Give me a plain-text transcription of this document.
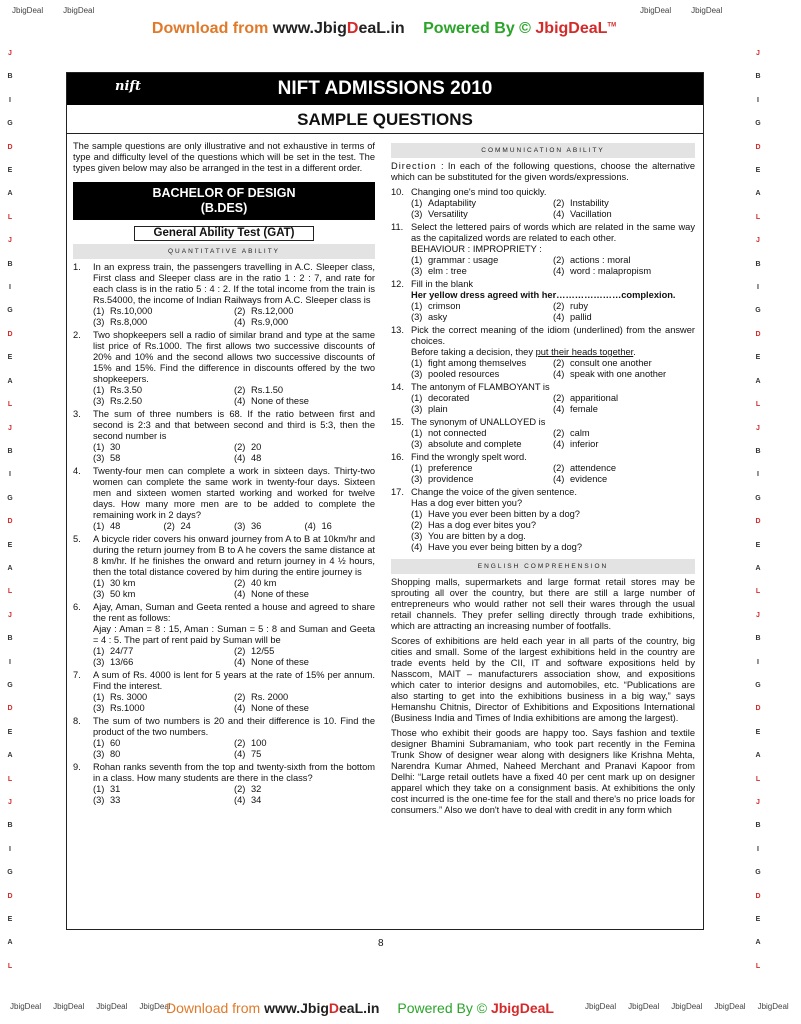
JbigDeal	JbigDeal	JbigDeal	JbigDeal
Download from www.JbigDeaL.in Powered By © JbigDeaL™
J
B
I
G
D
E
A
L
J
B
I
G
D
E
A
L
J
B
I
G
D
E
A
L
J
B
I
G
D
E
A
L
J
B
I
G
D
E
A
L
J
B
I
G
D
E
A
L
J
B
I
G
D
E
A
L
J
B
I
G
D
E
A
L
J
B
I
G
D
E
A
L
J
B
I
G
D
E
A
L
nift	NIFT ADMISSIONS 2010
SAMPLE QUESTIONS
The sample questions are only illustrative and not exhaustive in terms of type and difficulty level of the questions which will be set in the test. The types given below may also be arranged in the test in a different order.
BACHELOR OF DESIGN
(B.DES)
General Ability Test (GAT)
QUANTITATIVE ABILITY
1.	In an express train, the passengers travelling in A.C. Sleeper class, First class and Sleeper class are in the ratio 1 : 2 : 7, and rate for each class is in the ratio 5 : 4 : 2. If the total income from the train is Rs.54000, the income of Indian Railways from A.C. Sleeper class is
(1) Rs.10,000	(2) Rs.12,000
(3) Rs.8,000	(4) Rs.9,000
2.	Two shopkeepers sell a radio of similar brand and type at the same list price of Rs.1000. The first allows two successive discounts of 20% and 10% and the second allows two successive discounts of 15% and 15%. Find the difference in discounts offered by the two shopkeepers.
(1) Rs.3.50	(2) Rs.1.50
(3) Rs.2.50	(4) None of these
3.	The sum of three numbers is 68. If the ratio between first and second is 2:3 and that between second and third is 5:3, then the second number is
(1) 30	(2) 20
(3) 58	(4) 48
4.	Twenty-four men can complete a work in sixteen days. Thirty-two women can complete the same work in twenty-four days. Sixteen men and sixteen women started working and worked for twelve days. How many more men are to be added to complete the remaining work in 2 days?
(1) 48	(2) 24	(3) 36	(4) 16
5.	A bicycle rider covers his onward journey from A to B at 10km/hr and during the return journey from B to A he covers the same distance at 8 km/hr. If he finishes the onward and return journey in 4 ½ hours, then the total distance covered by him during the entire journey is
(1) 30 km	(2) 40 km
(3) 50 km	(4) None of these
6.	Ajay, Aman, Suman and Geeta rented a house and agreed to share the rent as follows:
Ajay : Aman = 8 : 15, Aman : Suman = 5 : 8 and Suman and Geeta = 4 : 5. The part of rent paid by Suman will be
(1) 24/77	(2) 12/55
(3) 13/66	(4) None of these
7.	A sum of Rs. 4000 is lent for 5 years at the rate of 15% per annum. Find the interest.
(1) Rs. 3000	(2) Rs. 2000
(3) Rs.1000	(4) None of these
8.	The sum of two numbers is 20 and their difference is 10. Find the product of the two numbers.
(1) 60	(2) 100
(3) 80	(4) 75
9.	Rohan ranks seventh from the top and twenty-sixth from the bottom in a class. How many students are there in the class?
(1) 31	(2) 32
(3) 33	(4) 34
COMMUNICATION ABILITY
Direction : In each of the following questions, choose the alternative which can be substituted for the given words/expressions.
10. Changing one's mind too quickly.
(1) Adaptability	(2) Instability
(3) Versatility	(4) Vacillation
11. Select the lettered pairs of words which are related in the same way as the capitalized words are related to each other.
BEHAVIOUR : IMPROPRIETY :
(1) grammar : usage	(2) actions : moral
(3) elm : tree	(4) word : malapropism
12. Fill in the blank
Her yellow dress agreed with her…………………complexion.
(1) crimson	(2) ruby
(3) asky	(4) pallid
13. Pick the correct meaning of the idiom (underlined) from the answer choices.
Before taking a decision, they put their heads together.
(1) fight among themselves	(2) consult one another
(3) pooled resources	(4) speak with one another
14. The antonym of FLAMBOYANT is
(1) decorated	(2) apparitional
(3) plain	(4) female
15. The synonym of UNALLOYED is
(1) not connected	(2) calm
(3) absolute and complete	(4) inferior
16. Find the wrongly spelt word.
(1) preference	(2) attendence
(3) providence	(4) evidence
17. Change the voice of the given sentence.
Has a dog ever bitten you?
(1) Have you ever been bitten by a dog?
(2) Has a dog ever bites you?
(3) You are bitten by a dog.
(4) Have you ever being bitten by a dog?
ENGLISH COMPREHENSION
Shopping malls, supermarkets and large format retail stores may be sprouting all over the country, but there are still a large number of entrepreneurs who would rather not sell their wares through the usual retail channels. They prefer selling directly through trade exhibitions, which are attracting an increasing number of footfalls.
Scores of exhibitions are held each year in all parts of the country, big cities and small. Some of the largest exhibitions held in the country are trade events held by the CII, IT and software expositions held by Nasscom, MAIT – manufacturers association show, and expositions which cater to interior designs and automobiles, etc. “Publications are also starting to get into the exhibitions business in a big way,” says Hemanshu Chitnis, Director of Exhibitions and Expositions International (Business India and Times of India exhibitions are among the largest).
Those who exhibit their goods are happy too. Says fashion and textile designer Bhamini Subramaniam, who took part recently in the Femina Trunk Show of designer wear along with designers like Krishna Mehta, Narendra Kumar Ahmed, Naheed Merchant and Pranavi Kapoor from Delhi: “Large retail outlets have a fixed 40 per cent mark up on designer apparel which they take on a consignment basis. At exhibitions the only cost incurred is the one-time fee for the stall and there's no price loads for consumers.” Also we don't have to deal with credit in any form which
8
JbigDeal JbigDeal JbigDeal JbigDeal
Download from www.JbigDeaL.in Powered By © JbigDeaL	JbigDeal JbigDeal JbigDeal JbigDeal JbigDeal
